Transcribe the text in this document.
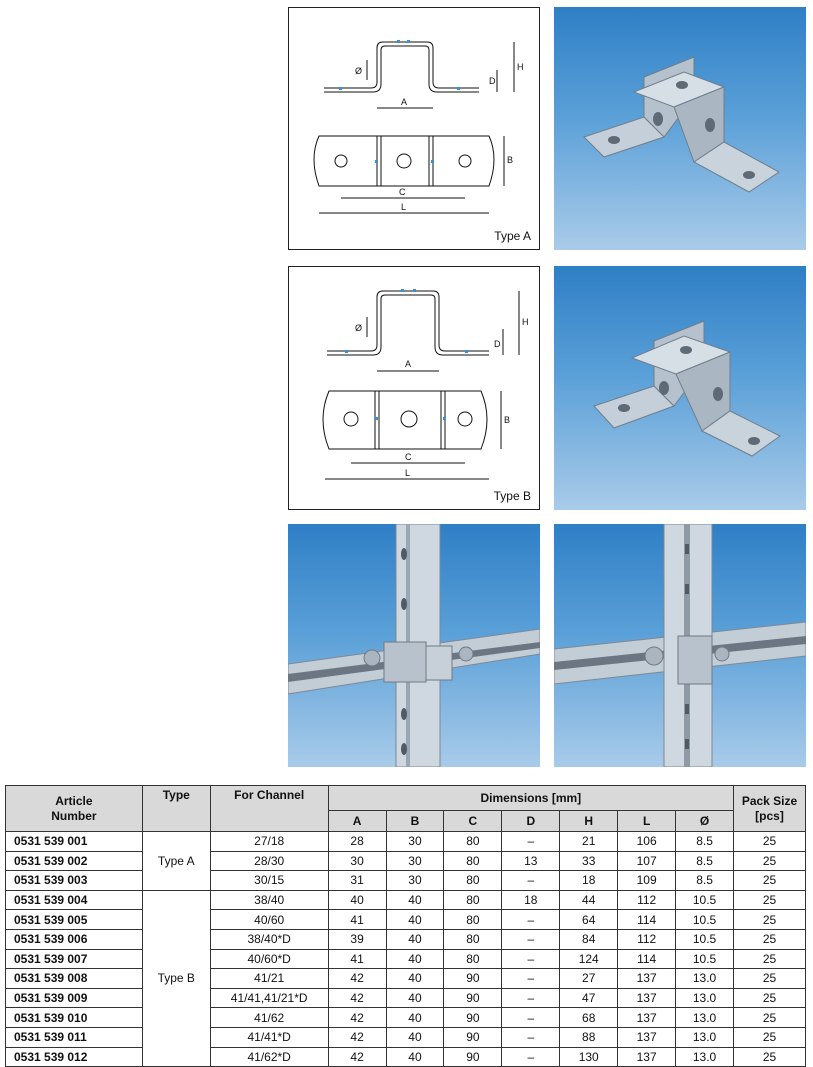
A
H
D
Ø
B
C
L
Type A
A
H
D
Ø
B
C
L
Type B
Article
Number	Type	For Channel	Dimensions [mm]							Pack Size
[pcs]
			A	B	C	D	H	L	Ø	
0531 539 001	Type A	27/18	28	30	80	–	21	106	8.5	25
0531 539 002		28/30	30	30	80	13	33	107	8.5	25
0531 539 003		30/15	31	30	80	–	18	109	8.5	25
0531 539 004	Type B	38/40	40	40	80	18	44	112	10.5	25
0531 539 005		40/60	41	40	80	–	64	114	10.5	25
0531 539 006		38/40*D	39	40	80	–	84	112	10.5	25
0531 539 007		40/60*D	41	40	80	–	124	114	10.5	25
0531 539 008		41/21	42	40	90	–	27	137	13.0	25
0531 539 009		41/41,41/21*D	42	40	90	–	47	137	13.0	25
0531 539 010		41/62	42	40	90	–	68	137	13.0	25
0531 539 011		41/41*D	42	40	90	–	88	137	13.0	25
0531 539 012		41/62*D	42	40	90	–	130	137	13.0	25
